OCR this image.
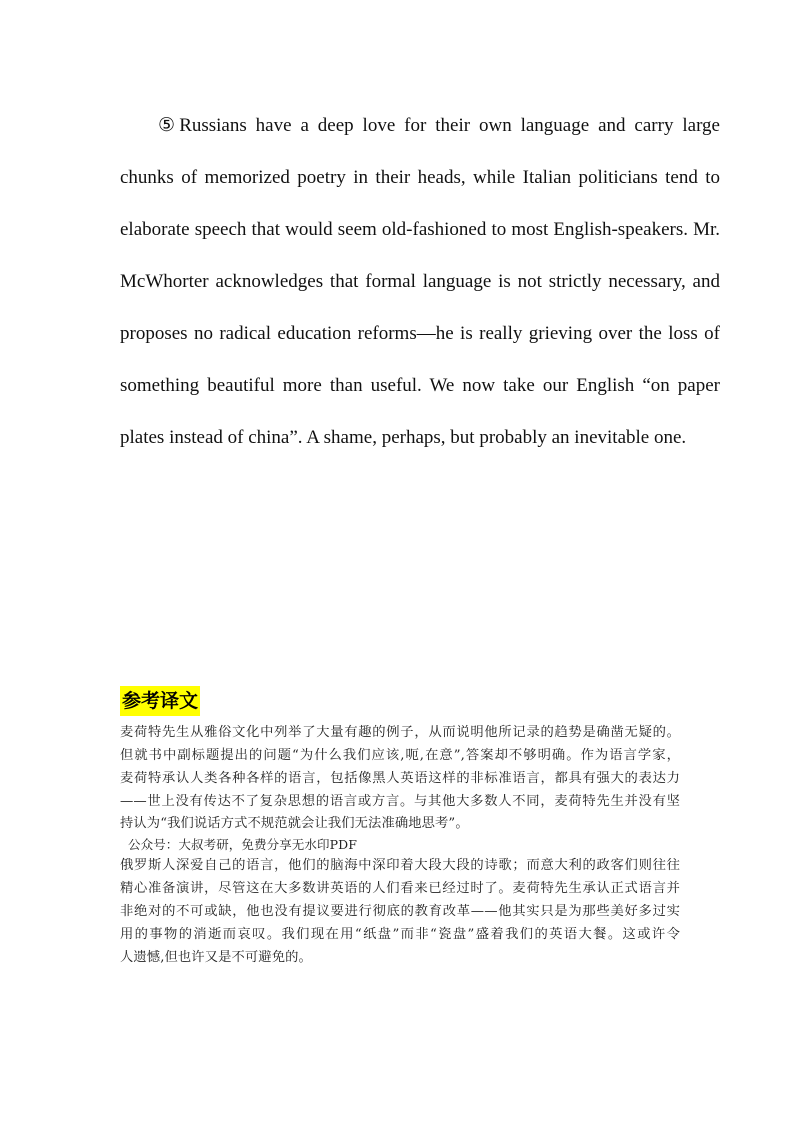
⑤Russians have a deep love for their own language and carry large
chunks of memorized poetry in their heads, while Italian politicians tend to
elaborate speech that would seem old-fashioned to most English-speakers. Mr.
McWhorter acknowledges that formal language is not strictly necessary, and
proposes no radical education reforms—he is really grieving over the loss of
something beautiful more than useful. We now take our English “on paper
plates instead of china”. A shame, perhaps, but probably an inevitable one.
参考译文
麦荷特先生从雅俗文化中列举了大量有趣的例子，从而说明他所记录的趋势是确凿无疑的。
但就书中副标题提出的问题“为什么我们应该,呃,在意”,答案却不够明确。作为语言学家，
麦荷特承认人类各种各样的语言，包括像黑人英语这样的非标准语言，都具有强大的表达力
——世上没有传达不了复杂思想的语言或方言。与其他大多数人不同，麦荷特先生并没有坚
持认为“我们说话方式不规范就会让我们无法准确地思考”。
公众号：大叔考研，免费分享无水印PDF
俄罗斯人深爱自己的语言，他们的脑海中深印着大段大段的诗歌；而意大利的政客们则往往
精心准备演讲，尽管这在大多数讲英语的人们看来已经过时了。麦荷特先生承认正式语言并
非绝对的不可或缺，他也没有提议要进行彻底的教育改革——他其实只是为那些美好多过实
用的事物的消逝而哀叹。我们现在用“纸盘”而非“瓷盘”盛着我们的英语大餐。这或许令
人遗憾,但也许又是不可避免的。
